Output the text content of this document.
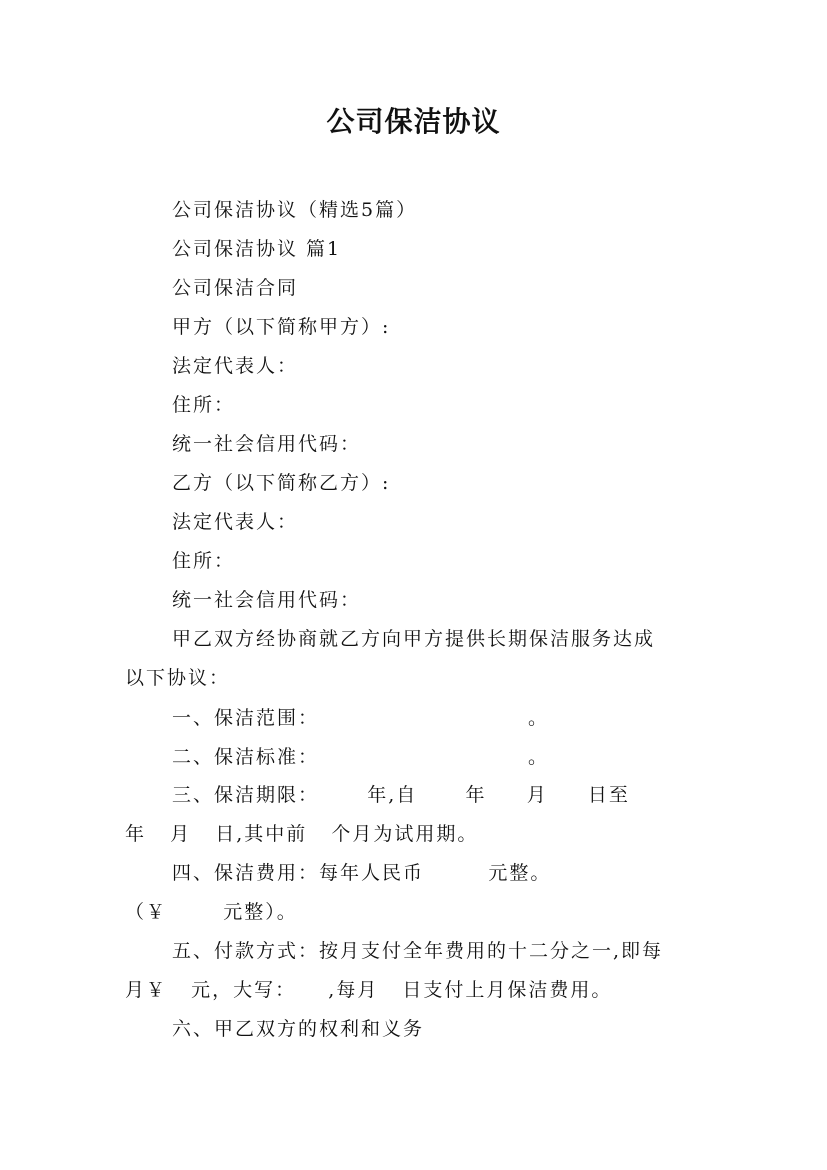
公司保洁协议
公司保洁协议（精选5篇）
公司保洁协议 篇1
公司保洁合同
甲方（以下简称甲方）:
法定代表人：
住所：
统一社会信用代码：
乙方（以下简称乙方）:
法定代表人：
住所：
统一社会信用代码：
甲乙双方经协商就乙方向甲方提供长期保洁服务达成
以下协议：
一、保洁范围：                          。
二、保洁标准：                          。
三、保洁期限：      年,自      年     月     日至
年   月   日,其中前   个月为试用期。
四、保洁费用：每年人民币        元整。
（￥       元整）。
五、付款方式：按月支付全年费用的十二分之一,即每
月￥   元，大写：    ,每月   日支付上月保洁费用。
六、甲乙双方的权利和义务
